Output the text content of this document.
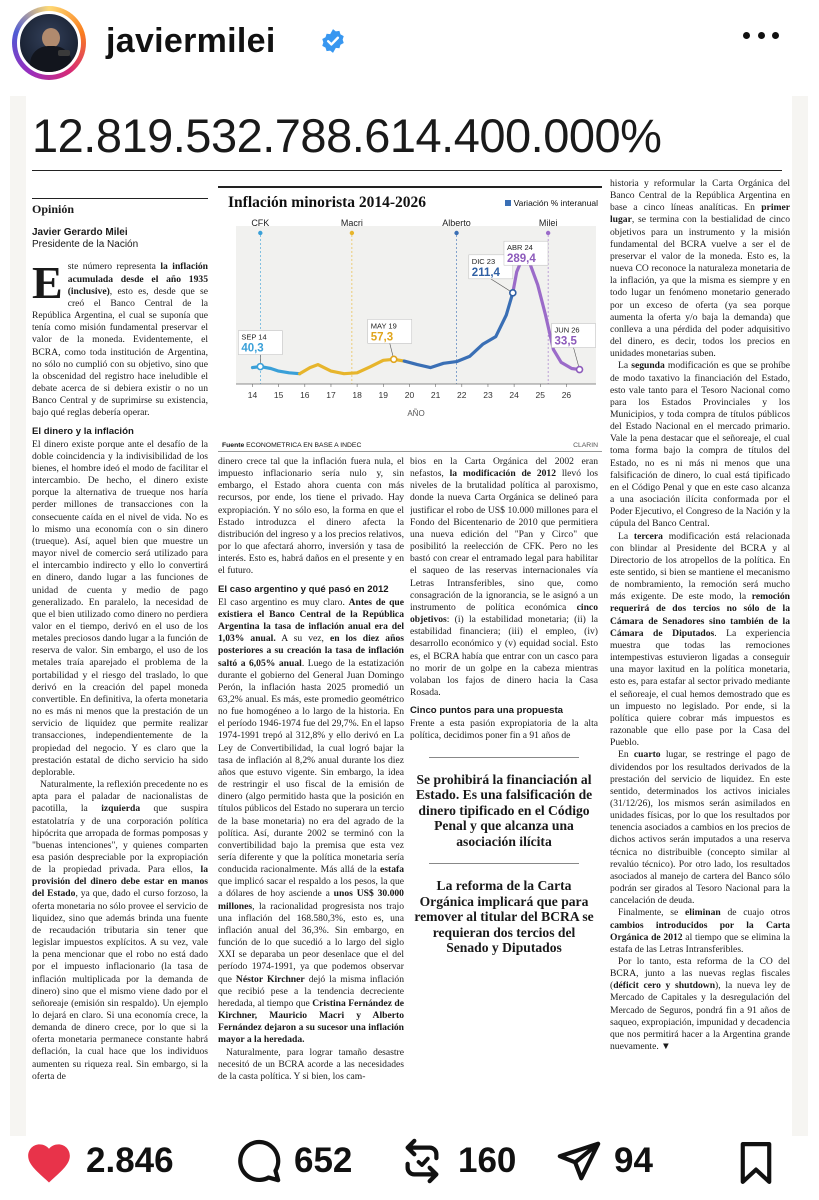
javiermilei
12.819.532.788.614.400.000%
Opinión
Javier Gerardo Milei
Presidente de la Nación

Este número representa la inflación acumulada desde el año 1935 (inclusive), esto es, desde que se creó el Banco Central de la República Argentina, el cual se suponía que tenía como misión fundamental preservar el valor de la moneda. Evidentemente, el BCRA, como toda institución de Argentina, no sólo no cumplió con su objetivo, sino que la obscenidad del registro hace ineludible el debate acerca de si debiera existir o no un Banco Central y de suprimirse su existencia, bajo qué reglas debería operar.

El dinero y la inflación

El dinero existe porque ante el desafío de la doble coincidencia y la indivisibilidad de los bienes, el hombre ideó el modo de facilitar el intercambio. De hecho, el dinero existe porque la alternativa de trueque nos haría perder millones de transacciones con la consecuente caída en el nivel de vida. No es lo mismo una economía con o sin dinero (trueque). Así, aquel bien que muestre un mayor nivel de comercio será utilizado para el intercambio indirecto y ello lo convertirá en dinero, dando lugar a las funciones de unidad de cuenta y medio de pago generalizado. En paralelo, la necesidad de que el bien utilizado como dinero no perdiera valor en el tiempo, derivó en el uso de los metales preciosos dando lugar a la función de reserva de valor. Sin embargo, el uso de los metales traía aparejado el problema de la portabilidad y el riesgo del traslado, lo que derivó en la creación del papel moneda convertible. En definitiva, la oferta monetaria no es más ni menos que la prestación de un servicio de liquidez que permite realizar transacciones, independientemente de la propiedad del negocio. Y es claro que la prestación estatal de dicho servicio ha sido deplorable.

Naturalmente, la reflexión precedente no es apta para el paladar de nacionalistas de pacotilla, la izquierda que suspira estatolatría y de una corporación política hipócrita que arropada de formas pomposas y "buenas intenciones", y quienes comparten esa pasión despreciable por la expropiación de la propiedad privada. Para ellos, la provisión del dinero debe estar en manos del Estado, ya que, dado el curso forzoso, la oferta monetaria no sólo provee el servicio de liquidez, sino que además brinda una fuente de recaudación tributaria sin tener que legislar impuestos explícitos. A su vez, vale la pena mencionar que el robo no está dado por el impuesto inflacionario (la tasa de inflación multiplicada por la demanda de dinero) sino que el mismo viene dado por el señoreaje (emisión sin respaldo). Un ejemplo lo dejará en claro. Si una economía crece, la demanda de dinero crece, por lo que si la oferta monetaria permanece constante habrá deflación, la cual hace que los individuos aumenten su riqueza real. Sin embargo, si la oferta de

Inflación minorista 2014-2026	Variación % interanual
CFK	Macri	Alberto	Milei
14 15 16 17 18 19 20 21 22 23 24 25 26
AÑO
SEP 14
40,3
MAY 19
57,3
DIC 23
211,4
ABR 24
289,4
JUN 26
33,5
Fuente ECONOMETRICA EN BASE A INDEC	CLARIN

dinero crece tal que la inflación fuera nula, el impuesto inflacionario sería nulo y, sin embargo, el Estado ahora cuenta con más recursos, por ende, los tiene el privado. Hay expropiación. Y no sólo eso, la forma en que el Estado introduzca el dinero afecta la distribución del ingreso y a los precios relativos, por lo que afectará ahorro, inversión y tasa de interés. Esto es, habrá daños en el presente y en el futuro.

El caso argentino y qué pasó en 2012

El caso argentino es muy claro. Antes de que existiera el Banco Central de la República Argentina la tasa de inflación anual era del 1,03% anual. A su vez, en los diez años posteriores a su creación la tasa de inflación saltó a 6,05% anual. Luego de la estatización durante el gobierno del General Juan Domingo Perón, la inflación hasta 2025 promedió un 63,2% anual. Es más, este promedio geométrico no fue homogéneo a lo largo de la historia. En el período 1946-1974 fue del 29,7%. En el lapso 1974-1991 trepó al 312,8% y ello derivó en La Ley de Convertibilidad, la cual logró bajar la tasa de inflación al 8,2% anual durante los diez años que estuvo vigente. Sin embargo, la idea de restringir el uso fiscal de la emisión de dinero (algo permitido hasta que la posición en títulos públicos del Estado no superara un tercio de la base monetaria) no era del agrado de la política. Así, durante 2002 se terminó con la convertibilidad bajo la premisa que esta vez sería diferente y que la política monetaria sería conducida racionalmente. Más allá de la estafa que implicó sacar el respaldo a los pesos, la que a dólares de hoy asciende a unos US$ 30.000 millones, la racionalidad progresista nos trajo una inflación del 168.580,3%, esto es, una inflación anual del 36,3%. Sin embargo, en función de lo que sucedió a lo largo del siglo XXI se deparaba un peor desenlace que el del período 1974-1991, ya que podemos observar que Néstor Kirchner dejó la misma inflación que recibió pese a la tendencia decreciente heredada, al tiempo que Cristina Fernández de Kirchner, Mauricio Macri y Alberto Fernández dejaron a su sucesor una inflación mayor a la heredada.

Naturalmente, para lograr tamaño desastre necesitó de un BCRA acorde a las necesidades de la casta política. Y si bien, los cam-

bios en la Carta Orgánica del 2002 eran nefastos, la modificación de 2012 llevó los niveles de la brutalidad política al paroxismo, donde la nueva Carta Orgánica se delineó para justificar el robo de US$ 10.000 millones para el Fondo del Bicentenario de 2010 que permitiera una nueva edición del "Pan y Circo" que posibilitó la reelección de CFK. Pero no les bastó con crear el entramado legal para habilitar el saqueo de las reservas internacionales vía Letras Intransferibles, sino que, como consagración de la ignorancia, se le asignó a un instrumento de política económica cinco objetivos: (i) la estabilidad monetaria; (ii) la estabilidad financiera; (iii) el empleo, (iv) desarrollo económico y (v) equidad social. Esto es, el BCRA había que entrar con un casco para no morir de un golpe en la cabeza mientras volaban los fajos de dinero hacia la Casa Rosada.

Cinco puntos para una propuesta

Frente a esta pasión expropiatoria de la alta política, decidimos poner fin a 91 años de

Se prohibirá la financiación al Estado. Es una falsificación de dinero tipificado en el Código Penal y que alcanza una asociación ilícita
La reforma de la Carta Orgánica implicará que para remover al titular del BCRA se requieran dos tercios del Senado y Diputados

historia y reformular la Carta Orgánica del Banco Central de la República Argentina en base a cinco líneas analíticas. En primer lugar, se termina con la bestialidad de cinco objetivos para un instrumento y la misión fundamental del BCRA vuelve a ser el de preservar el valor de la moneda. Esto es, la nueva CO reconoce la naturaleza monetaria de la inflación, ya que la misma es siempre y en todo lugar un fenómeno monetario generado por un exceso de oferta (ya sea porque aumenta la oferta y/o baja la demanda) que conlleva a una pérdida del poder adquisitivo del dinero, es decir, todos los precios en unidades monetarias suben.

La segunda modificación es que se prohíbe de modo taxativo la financiación del Estado, esto vale tanto para el Tesoro Nacional como para los Estados Provinciales y los Municipios, y toda compra de títulos públicos del Estado Nacional en el mercado primario. Vale la pena destacar que el señoreaje, el cual toma forma bajo la compra de títulos del Estado, no es ni más ni menos que una falsificación de dinero, lo cual está tipificado en el Código Penal y que en este caso alcanza a una asociación ilícita conformada por el Poder Ejecutivo, el Congreso de la Nación y la cúpula del Banco Central.

La tercera modificación está relacionada con blindar al Presidente del BCRA y al Directorio de los atropellos de la política. En este sentido, si bien se mantiene el mecanismo de nombramiento, la remoción será mucho más exigente. De este modo, la remoción requerirá de dos tercios no sólo de la Cámara de Senadores sino también de la Cámara de Diputados. La experiencia muestra que todas las remociones intempestivas estuvieron ligadas a conseguir una mayor laxitud en la política monetaria, esto es, para estafar al sector privado mediante el señoreaje, el cual hemos demostrado que es un impuesto no legislado. Por ende, si la política quiere cobrar más impuestos es razonable que ello pase por la Casa del Pueblo.

En cuarto lugar, se restringe el pago de dividendos por los resultados derivados de la prestación del servicio de liquidez. En este sentido, determinados los activos iniciales (31/12/26), los mismos serán asimilados en unidades físicas, por lo que los resultados por tenencia asociados a cambios en los precios de dichos activos serán imputados a una reserva técnica no distribuible (concepto similar al revalúo técnico). Por otro lado, los resultados asociados al manejo de cartera del Banco sólo podrán ser girados al Tesoro Nacional para la cancelación de deuda.

Finalmente, se eliminan de cuajo otros cambios introducidos por la Carta Orgánica de 2012 al tiempo que se elimina la estafa de las Letras Intransferibles.

Por lo tanto, esta reforma de la CO del BCRA, junto a las nuevas reglas fiscales (déficit cero y shutdown), la nueva ley de Mercado de Capitales y la desregulación del Mercado de Seguros, pondrá fin a 91 años de saqueo, expropiación, impunidad y decadencia que nos permitirá hacer a la Argentina grande nuevamente. ▼

2.846	652	160	94
